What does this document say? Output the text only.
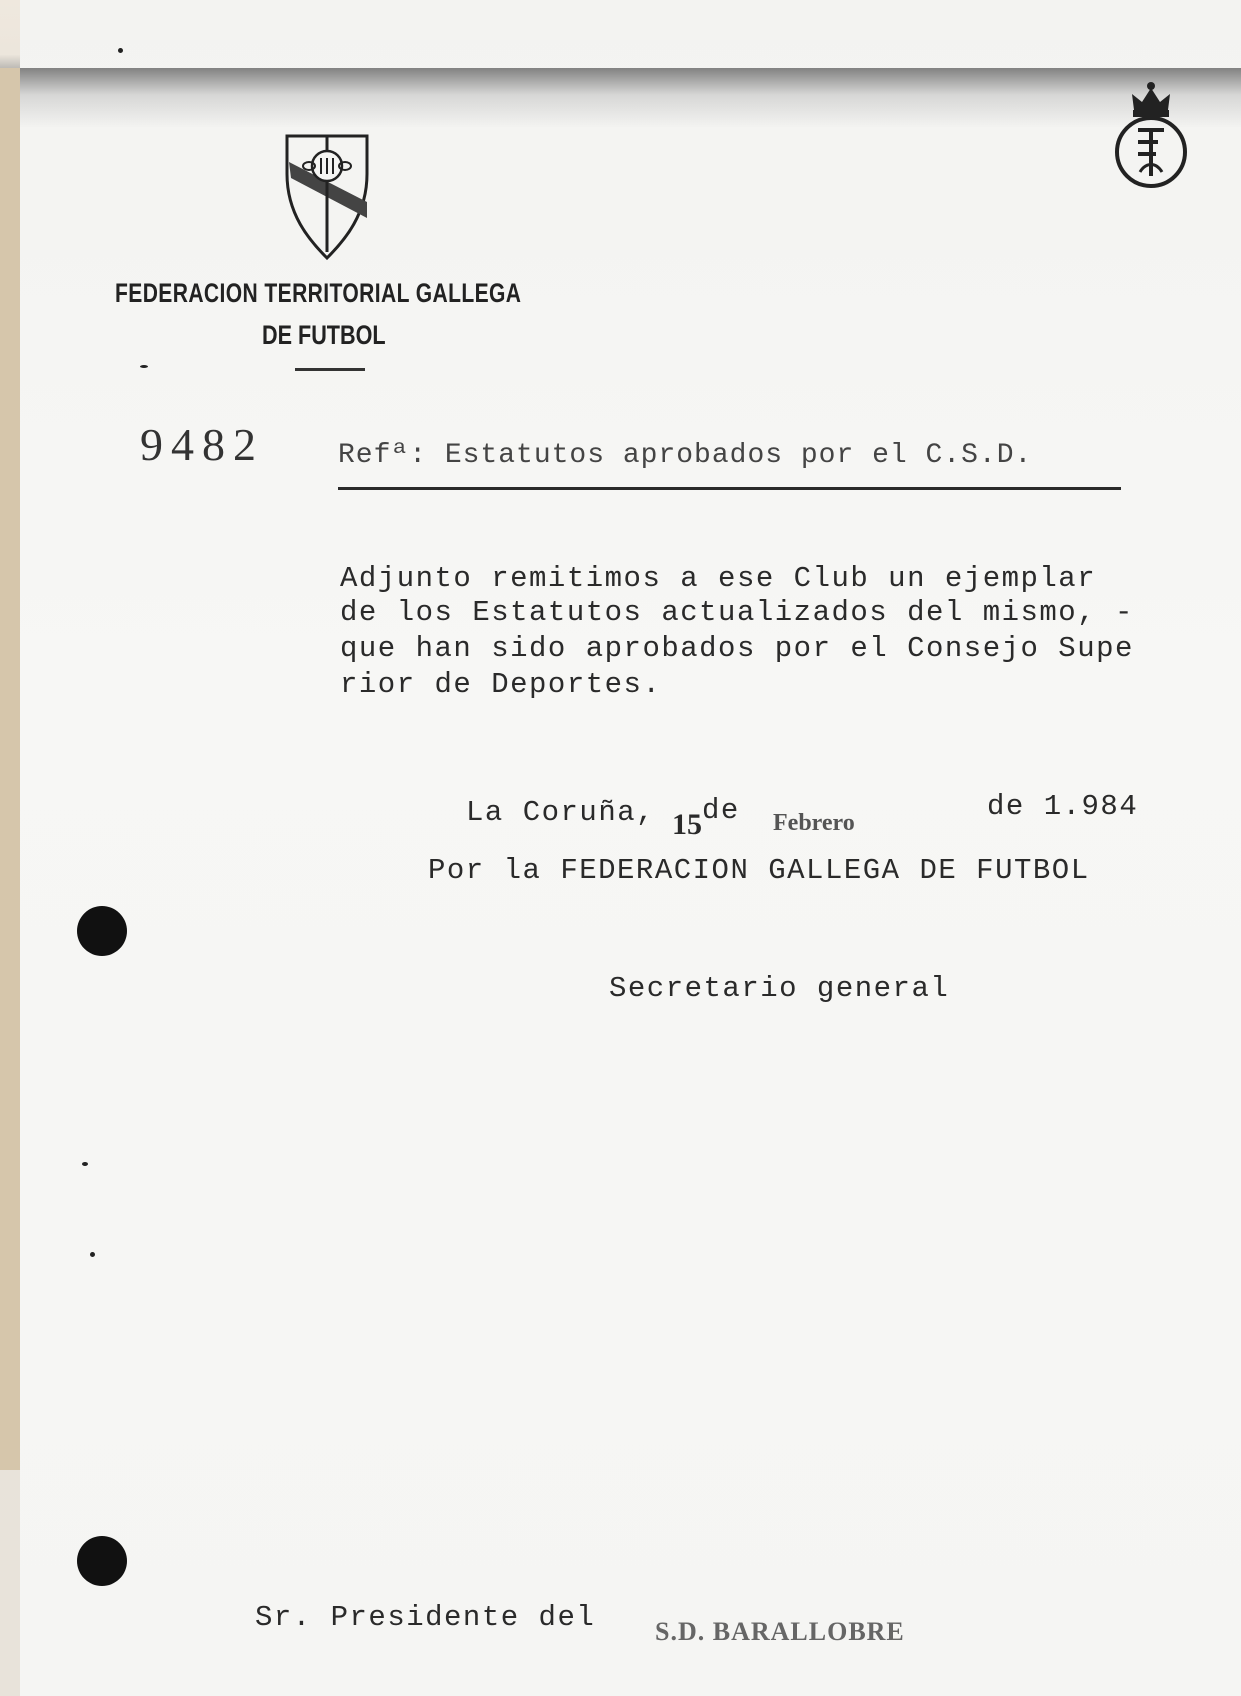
FEDERACION TERRITORIAL GALLEGA
DE FUTBOL
9482	Refª: Estatutos aprobados por el C.S.D.
Adjunto remitimos a ese Club un ejemplar
de los Estatutos actualizados del mismo, -
que han sido aprobados por el Consejo Supe
rior de Deportes.
La Coruña, 15 de Febrero	de 1.984
Por la FEDERACION GALLEGA DE FUTBOL
Secretario general
Sr. Presidente del S.D. BARALLOBRE
